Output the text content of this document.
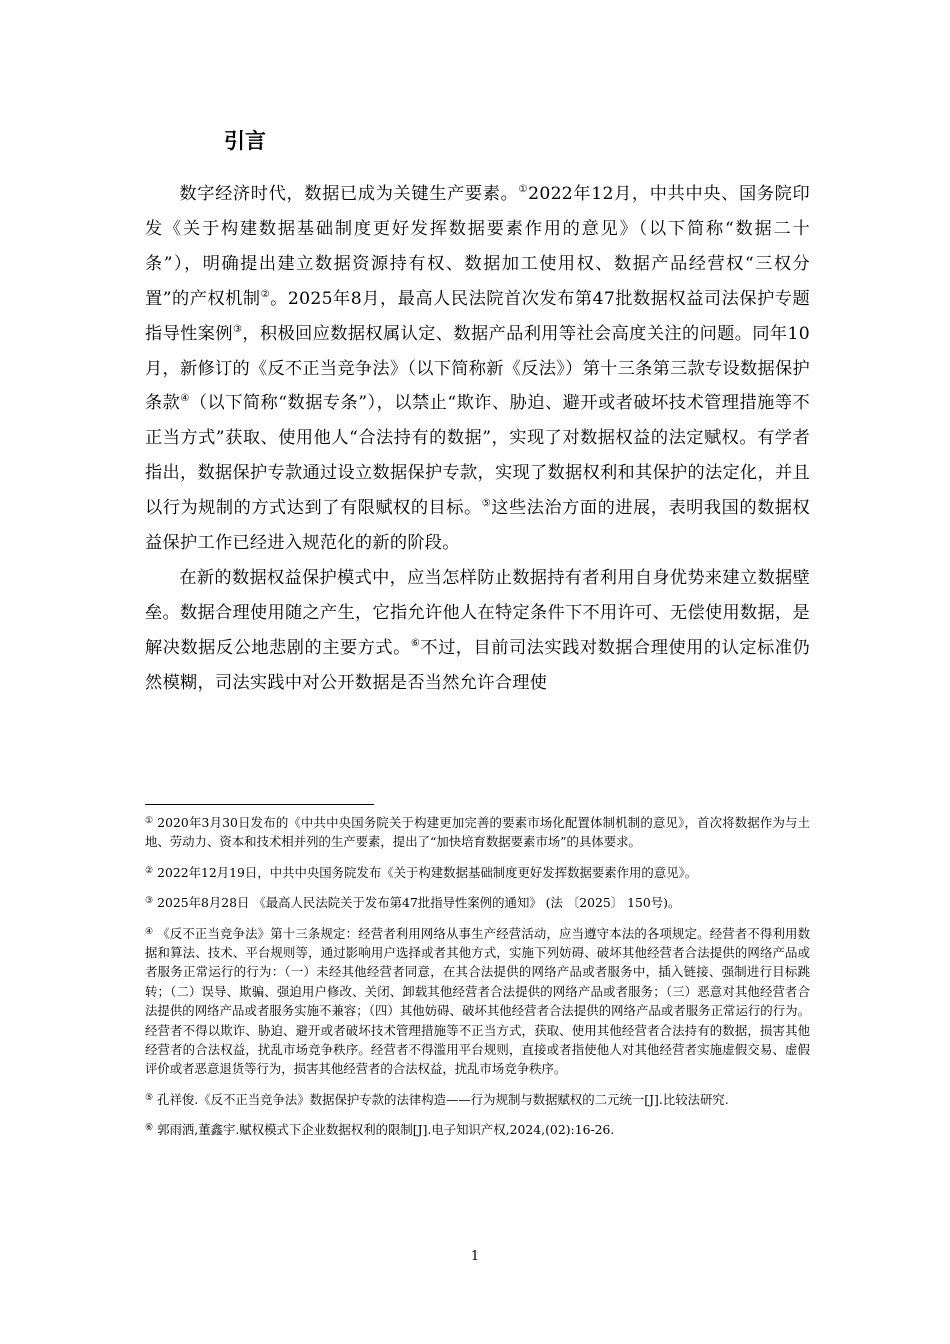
引言

数字经济时代，数据已成为关键生产要素。①2022年12月，中共中央、国务院印发《关于构建数据基础制度更好发挥数据要素作用的意见》（以下简称“数据二十条”），明确提出建立数据资源持有权、数据加工使用权、数据产品经营权“三权分置”的产权机制②。2025年8月，最高人民法院首次发布第47批数据权益司法保护专题指导性案例③，积极回应数据权属认定、数据产品利用等社会高度关注的问题。同年10月，新修订的《反不正当竞争法》（以下简称新《反法》）第十三条第三款专设数据保护条款④（以下简称“数据专条”），以禁止“欺诈、胁迫、避开或者破坏技术管理措施等不正当方式”获取、使用他人“合法持有的数据”，实现了对数据权益的法定赋权。有学者指出，数据保护专款通过设立数据保护专款，实现了数据权利和其保护的法定化，并且以行为规制的方式达到了有限赋权的目标。⑤这些法治方面的进展，表明我国的数据权益保护工作已经进入规范化的新的阶段。

在新的数据权益保护模式中，应当怎样防止数据持有者利用自身优势来建立数据壁垒。数据合理使用随之产生，它指允许他人在特定条件下不用许可、无偿使用数据，是解决数据反公地悲剧的主要方式。⑥不过，目前司法实践对数据合理使用的认定标准仍然模糊，司法实践中对公开数据是否当然允许合理使

① 2020年3月30日发布的《中共中央国务院关于构建更加完善的要素市场化配置体制机制的意见》，首次将数据作为与土地、劳动力、资本和技术相并列的生产要素，提出了“加快培育数据要素市场”的具体要求。
② 2022年12月19日，中共中央国务院发布《关于构建数据基础制度更好发挥数据要素作用的意见》。
③ 2025年8月28日 《最高人民法院关于发布第47批指导性案例的通知》 (法 〔2025〕 150号)。
④ 《反不正当竞争法》第十三条规定：经营者利用网络从事生产经营活动，应当遵守本法的各项规定。经营者不得利用数据和算法、技术、平台规则等，通过影响用户选择或者其他方式，实施下列妨碍、破坏其他经营者合法提供的网络产品或者服务正常运行的行为：（一）未经其他经营者同意，在其合法提供的网络产品或者服务中，插入链接、强制进行目标跳转；（二）误导、欺骗、强迫用户修改、关闭、卸载其他经营者合法提供的网络产品或者服务；（三）恶意对其他经营者合法提供的网络产品或者服务实施不兼容；（四）其他妨碍、破坏其他经营者合法提供的网络产品或者服务正常运行的行为。经营者不得以欺诈、胁迫、避开或者破坏技术管理措施等不正当方式，获取、使用其他经营者合法持有的数据，损害其他经营者的合法权益，扰乱市场竞争秩序。经营者不得滥用平台规则，直接或者指使他人对其他经营者实施虚假交易、虚假评价或者恶意退货等行为，损害其他经营者的合法权益，扰乱市场竞争秩序。
⑤ 孔祥俊.《反不正当竞争法》数据保护专款的法律构造——行为规制与数据赋权的二元统一[J].比较法研究.
⑥ 郭雨洒,董鑫宇.赋权模式下企业数据权利的限制[J].电子知识产权,2024,(02):16-26.
1
